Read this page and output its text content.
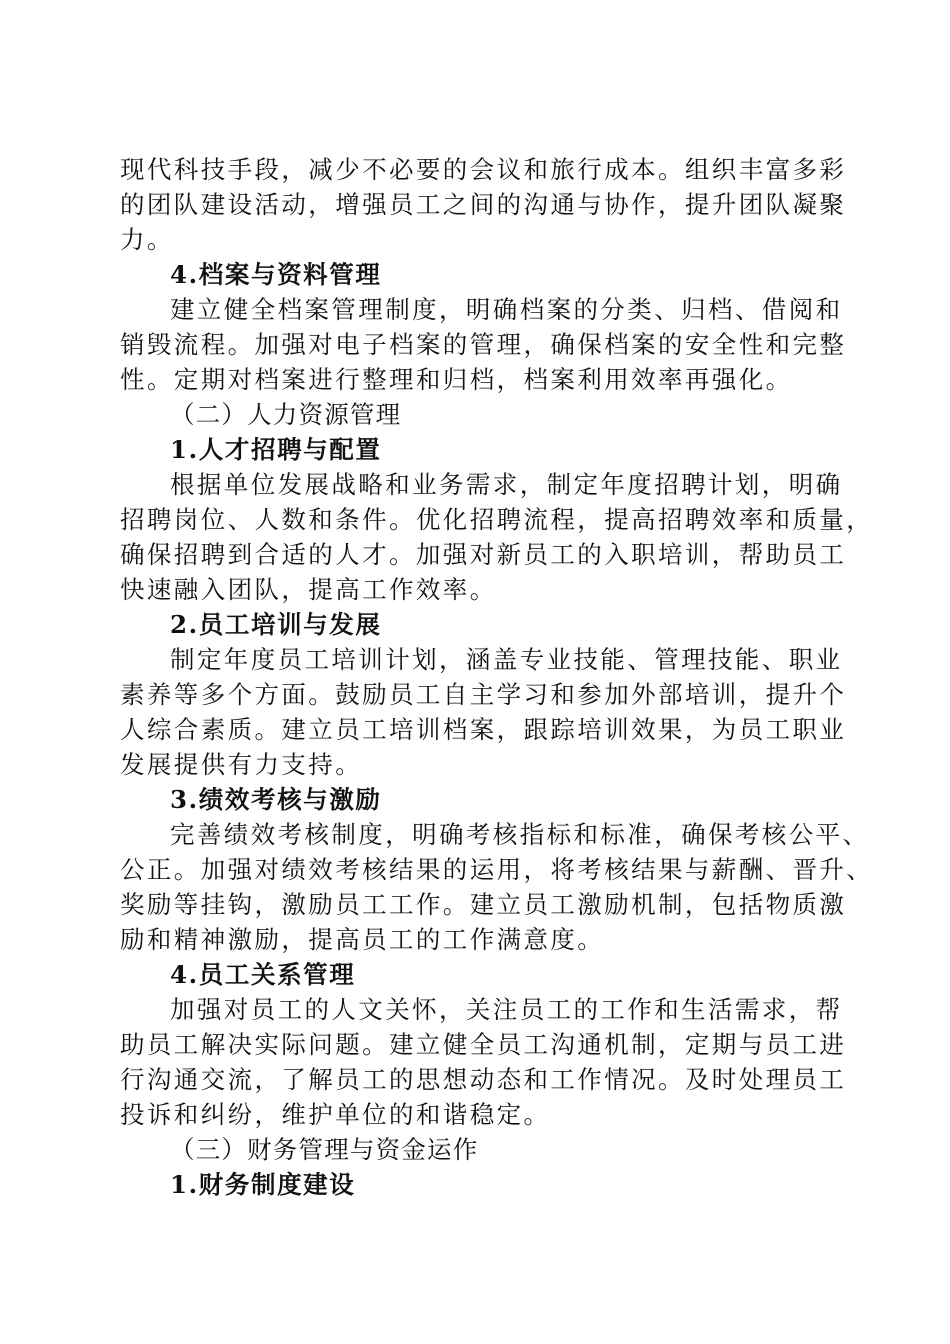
现代科技手段，减少不必要的会议和旅行成本。组织丰富多彩
的团队建设活动，增强员工之间的沟通与协作，提升团队凝聚
力。
4.档案与资料管理
建立健全档案管理制度，明确档案的分类、归档、借阅和
销毁流程。加强对电子档案的管理，确保档案的安全性和完整
性。定期对档案进行整理和归档，档案利用效率再强化。
（二）人力资源管理
1.人才招聘与配置
根据单位发展战略和业务需求，制定年度招聘计划，明确
招聘岗位、人数和条件。优化招聘流程，提高招聘效率和质量，
确保招聘到合适的人才。加强对新员工的入职培训，帮助员工
快速融入团队，提高工作效率。
2.员工培训与发展
制定年度员工培训计划，涵盖专业技能、管理技能、职业
素养等多个方面。鼓励员工自主学习和参加外部培训，提升个
人综合素质。建立员工培训档案，跟踪培训效果，为员工职业
发展提供有力支持。
3.绩效考核与激励
完善绩效考核制度，明确考核指标和标准，确保考核公平、
公正。加强对绩效考核结果的运用，将考核结果与薪酬、晋升、
奖励等挂钩，激励员工工作。建立员工激励机制，包括物质激
励和精神激励，提高员工的工作满意度。
4.员工关系管理
加强对员工的人文关怀，关注员工的工作和生活需求，帮
助员工解决实际问题。建立健全员工沟通机制，定期与员工进
行沟通交流，了解员工的思想动态和工作情况。及时处理员工
投诉和纠纷，维护单位的和谐稳定。
（三）财务管理与资金运作
1.财务制度建设
